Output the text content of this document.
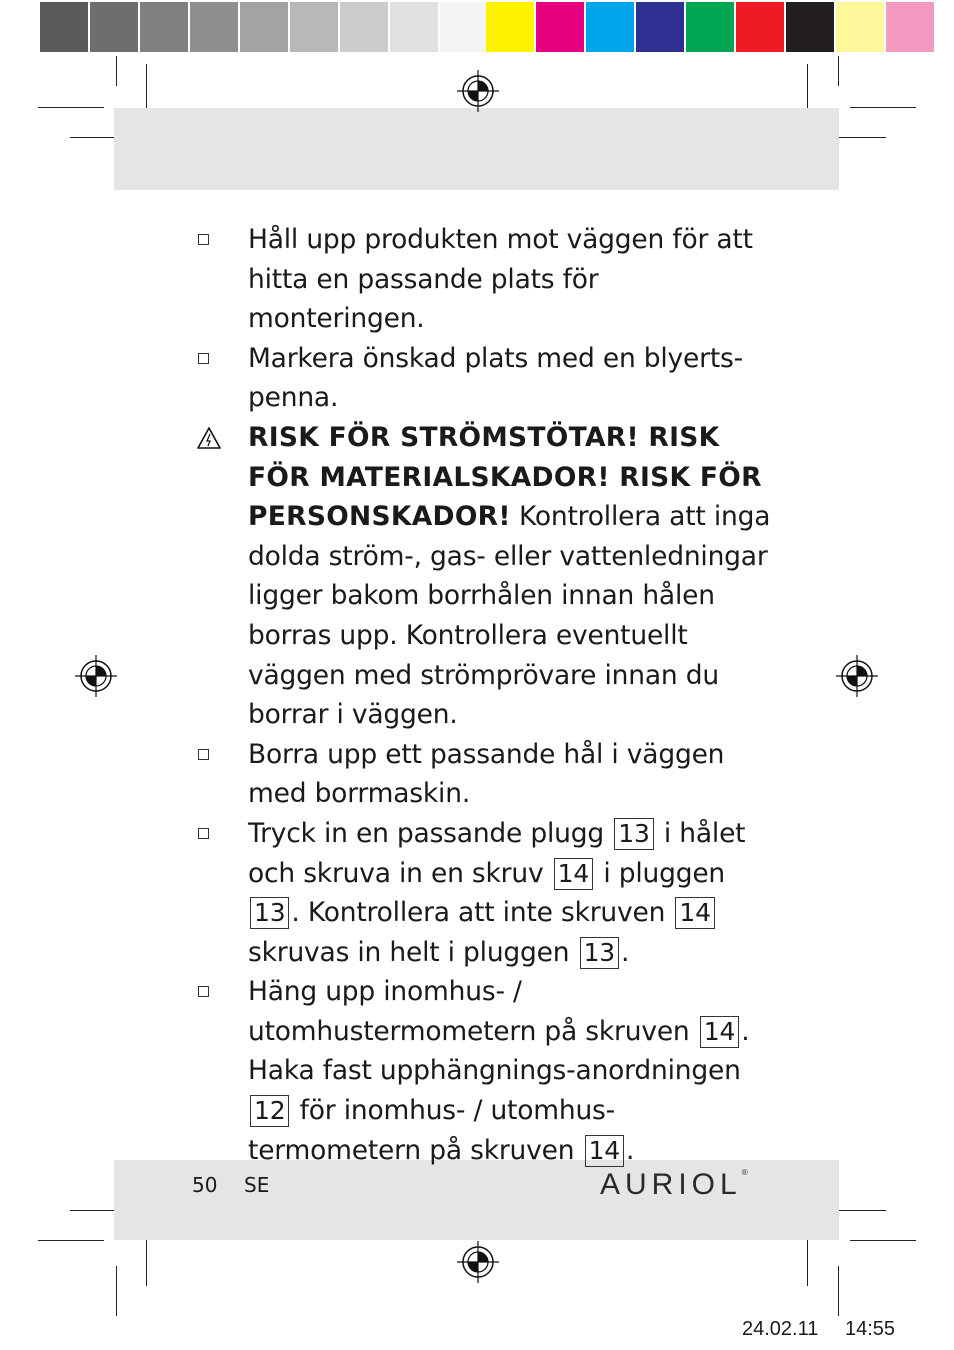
Håll upp produkten mot väggen för att hitta en passande plats för monteringen.
Markera önskad plats med en blyerts-penna.
RISK FÖR STRÖMSTÖTAR! RISK FÖR MATERIALSKADOR! RISK FÖR PERSONSKADOR! Kontrollera att inga dolda ström-, gas- eller vattenledningar ligger bakom borrhålen innan hålen borras upp. Kontrollera eventuellt väggen med strömprövare innan du borrar i väggen.
Borra upp ett passande hål i väggen med borrmaskin.
Tryck in en passande plugg 13 i hålet och skruva in en skruv 14 i pluggen 13 . Kontrollera att inte skruven 14 skruvas in helt i pluggen 13 .
Häng upp inomhus- / utomhustermometern på skruven 14 . Haka fast upphängnings-anordningen 12 för inomhus- / utomhus-termometern på skruven 14 .
50 SE	AURIOL®
24.02.11 14:55
